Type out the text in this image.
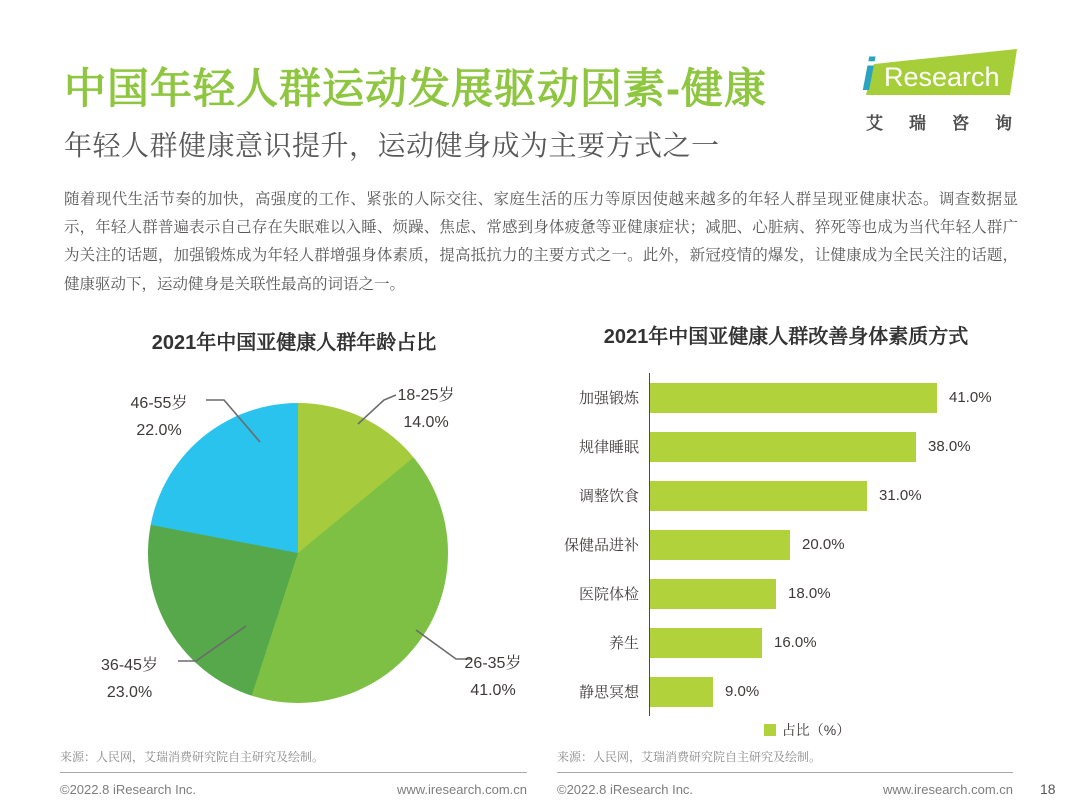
中国年轻人群运动发展驱动因素-健康	Research
i
艾 瑞 咨 询
年轻人群健康意识提升，运动健身成为主要方式之一

随着现代生活节奏的加快，高强度的工作、紧张的人际交往、家庭生活的压力等原因使越来越多的年轻人群呈现亚健康状态。调查数据显示，年轻人群普遍表示自己存在失眠难以入睡、烦躁、焦虑、常感到身体疲惫等亚健康症状；减肥、心脏病、猝死等也成为当代年轻人群广为关注的话题，加强锻炼成为年轻人群增强身体素质，提高抵抗力的主要方式之一。此外，新冠疫情的爆发，让健康成为全民关注的话题，健康驱动下，运动健身是关联性最高的词语之一。

2021年中国亚健康人群年龄占比
18-25岁
14.0%
46-55岁
22.0%
36-45岁
23.0%
26-35岁
41.0%
2021年中国亚健康人群改善身体素质方式
加强锻炼	41.0%
规律睡眠	38.0%
调整饮食	31.0%
保健品进补	20.0%
医院体检	18.0%
养生	16.0%
静思冥想	9.0%
占比（%）
来源：人民网，艾瑞消费研究院自主研究及绘制。	来源：人民网，艾瑞消费研究院自主研究及绘制。
©2022.8 iResearch Inc.	www.iresearch.com.cn ©2022.8 iResearch Inc.	www.iresearch.com.cn 18
